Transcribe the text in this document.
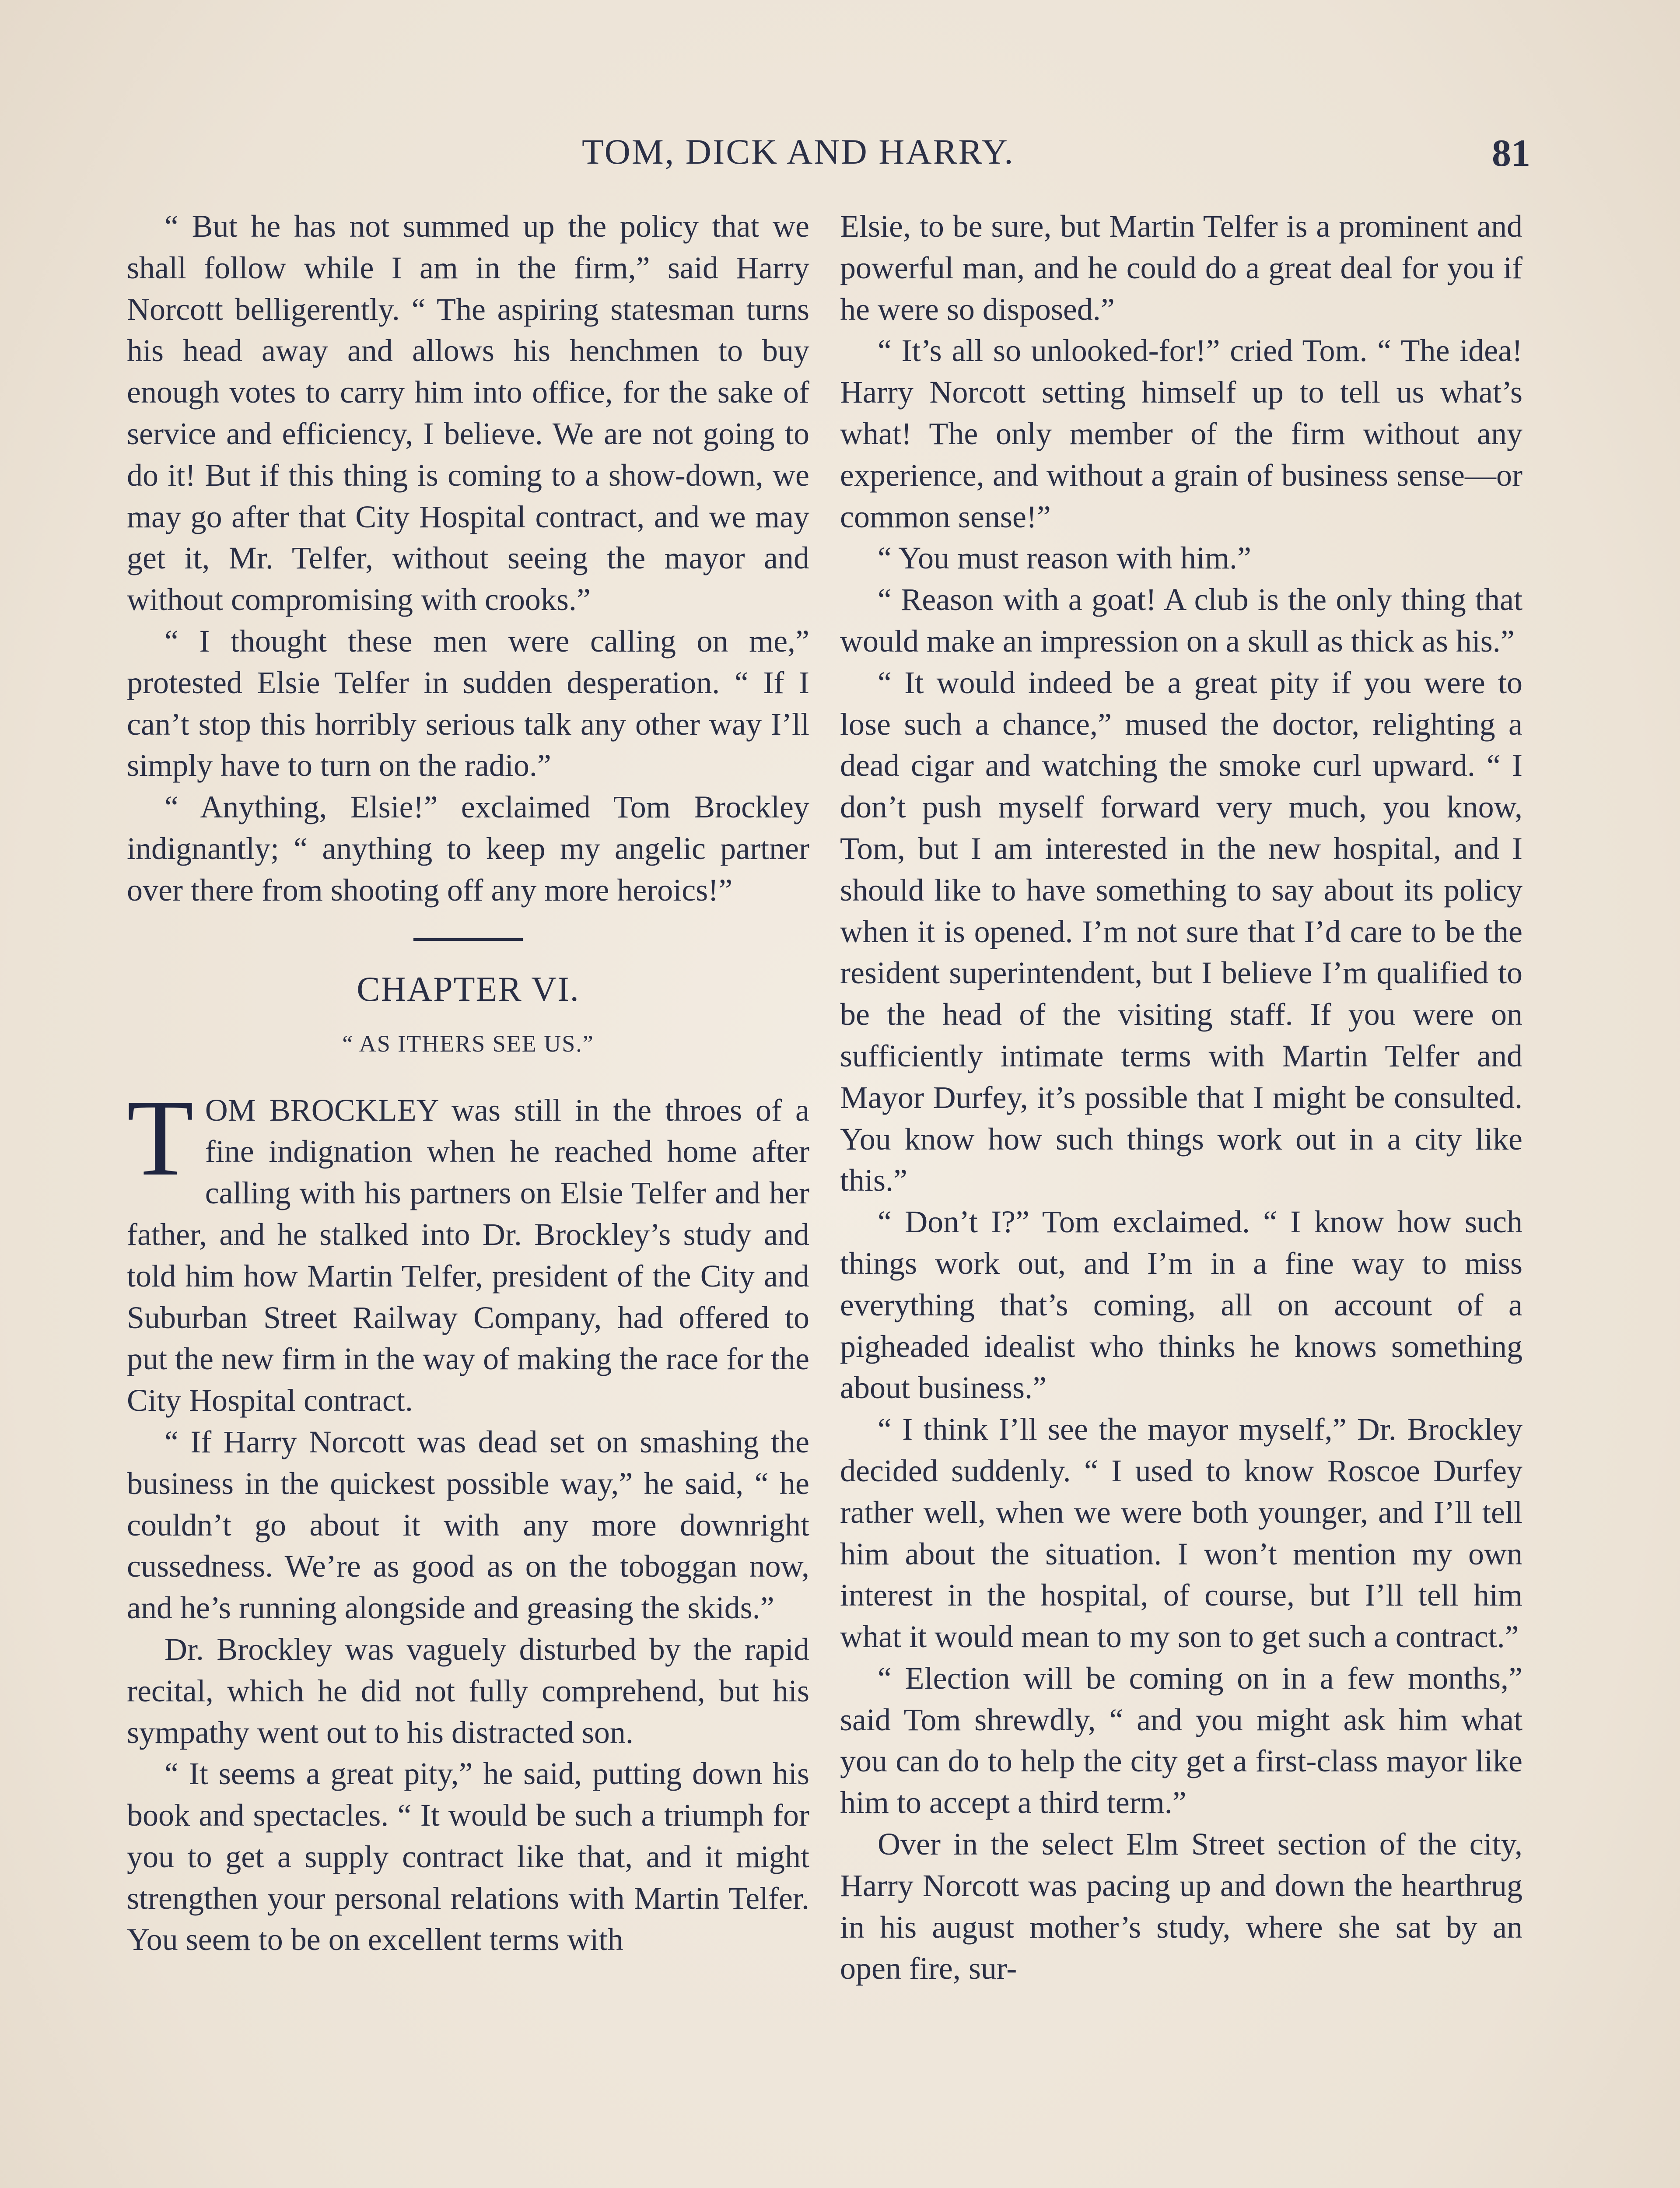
TOM, DICK AND HARRY.	81

“ But he has not summed up the policy that we shall follow while I am in the firm,” said Harry Norcott belligerently. “ The aspiring statesman turns his head away and allows his henchmen to buy enough votes to carry him into office, for the sake of service and efficiency, I believe. We are not going to do it! But if this thing is coming to a show-down, we may go after that City Hospital contract, and we may get it, Mr. Telfer, without seeing the mayor and without compromising with crooks.”

“ I thought these men were calling on me,” protested Elsie Telfer in sudden desperation. “ If I can’t stop this horribly serious talk any other way I’ll simply have to turn on the radio.”

“ Anything, Elsie!” exclaimed Tom Brockley indignantly; “ anything to keep my angelic partner over there from shooting off any more heroics!”

CHAPTER VI.
“ AS ITHERS SEE US.”

TOM BROCKLEY was still in the throes of a fine indignation when he reached home after calling with his partners on Elsie Telfer and her father, and he stalked into Dr. Brockley’s study and told him how Martin Telfer, president of the City and Suburban Street Railway Company, had offered to put the new firm in the way of making the race for the City Hospital contract.

“ If Harry Norcott was dead set on smashing the business in the quickest possible way,” he said, “ he couldn’t go about it with any more downright cussedness. We’re as good as on the toboggan now, and he’s running alongside and greasing the skids.”

Dr. Brockley was vaguely disturbed by the rapid recital, which he did not fully comprehend, but his sympathy went out to his distracted son.

“ It seems a great pity,” he said, putting down his book and spectacles. “ It would be such a triumph for you to get a supply contract like that, and it might strengthen your personal relations with Martin Telfer. You seem to be on excellent terms with

Elsie, to be sure, but Martin Telfer is a prominent and powerful man, and he could do a great deal for you if he were so disposed.”

“ It’s all so unlooked-for!” cried Tom. “ The idea! Harry Norcott setting himself up to tell us what’s what! The only member of the firm without any experience, and without a grain of business sense—or common sense!”

“ You must reason with him.”

“ Reason with a goat! A club is the only thing that would make an impression on a skull as thick as his.”

“ It would indeed be a great pity if you were to lose such a chance,” mused the doctor, relighting a dead cigar and watching the smoke curl upward. “ I don’t push myself forward very much, you know, Tom, but I am interested in the new hospital, and I should like to have something to say about its policy when it is opened. I’m not sure that I’d care to be the resident superintendent, but I believe I’m qualified to be the head of the visiting staff. If you were on sufficiently intimate terms with Martin Telfer and Mayor Durfey, it’s possible that I might be consulted. You know how such things work out in a city like this.”

“ Don’t I?” Tom exclaimed. “ I know how such things work out, and I’m in a fine way to miss everything that’s coming, all on account of a pigheaded idealist who thinks he knows something about business.”

“ I think I’ll see the mayor myself,” Dr. Brockley decided suddenly. “ I used to know Roscoe Durfey rather well, when we were both younger, and I’ll tell him about the situation. I won’t mention my own interest in the hospital, of course, but I’ll tell him what it would mean to my son to get such a contract.”

“ Election will be coming on in a few months,” said Tom shrewdly, “ and you might ask him what you can do to help the city get a first-class mayor like him to accept a third term.”

Over in the select Elm Street section of the city, Harry Norcott was pacing up and down the hearthrug in his august mother’s study, where she sat by an open fire, sur-
